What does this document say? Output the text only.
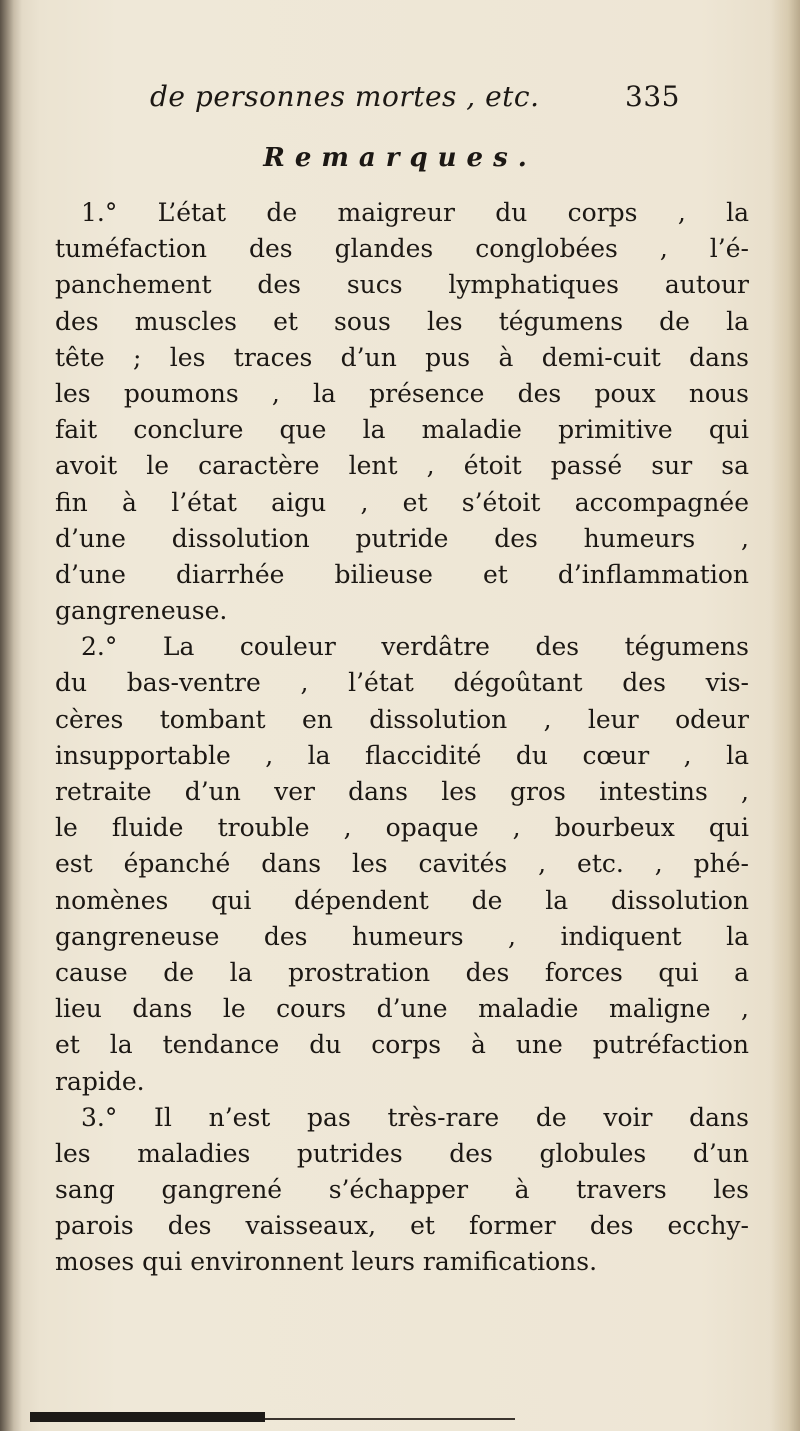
de personnes mortes , etc.	335
Remarques.
1.° L’état de maigreur du corps , la
tuméfaction des glandes conglobées , l’é-
panchement des sucs lymphatiques autour
des muscles et sous les tégumens de la
tête ; les traces d’un pus à demi-cuit dans
les poumons , la présence des poux nous
fait conclure que la maladie primitive qui
avoit le caractère lent , étoit passé sur sa
fin à l’état aigu , et s’étoit accompagnée
d’une dissolution putride des humeurs ,
d’une diarrhée bilieuse et d’inflammation
gangreneuse.
2.° La couleur verdâtre des tégumens
du bas-ventre , l’état dégoûtant des vis-
cères tombant en dissolution , leur odeur
insupportable , la flaccidité du cœur , la
retraite d’un ver dans les gros intestins ,
le fluide trouble , opaque , bourbeux qui
est épanché dans les cavités , etc. , phé-
nomènes qui dépendent de la dissolution
gangreneuse des humeurs , indiquent la
cause de la prostration des forces qui a
lieu dans le cours d’une maladie maligne ,
et la tendance du corps à une putréfaction
rapide.
3.° Il n’est pas très-rare de voir dans
les maladies putrides des globules d’un
sang gangrené s’échapper à travers les
parois des vaisseaux, et former des ecchy-
moses qui environnent leurs ramifications.
